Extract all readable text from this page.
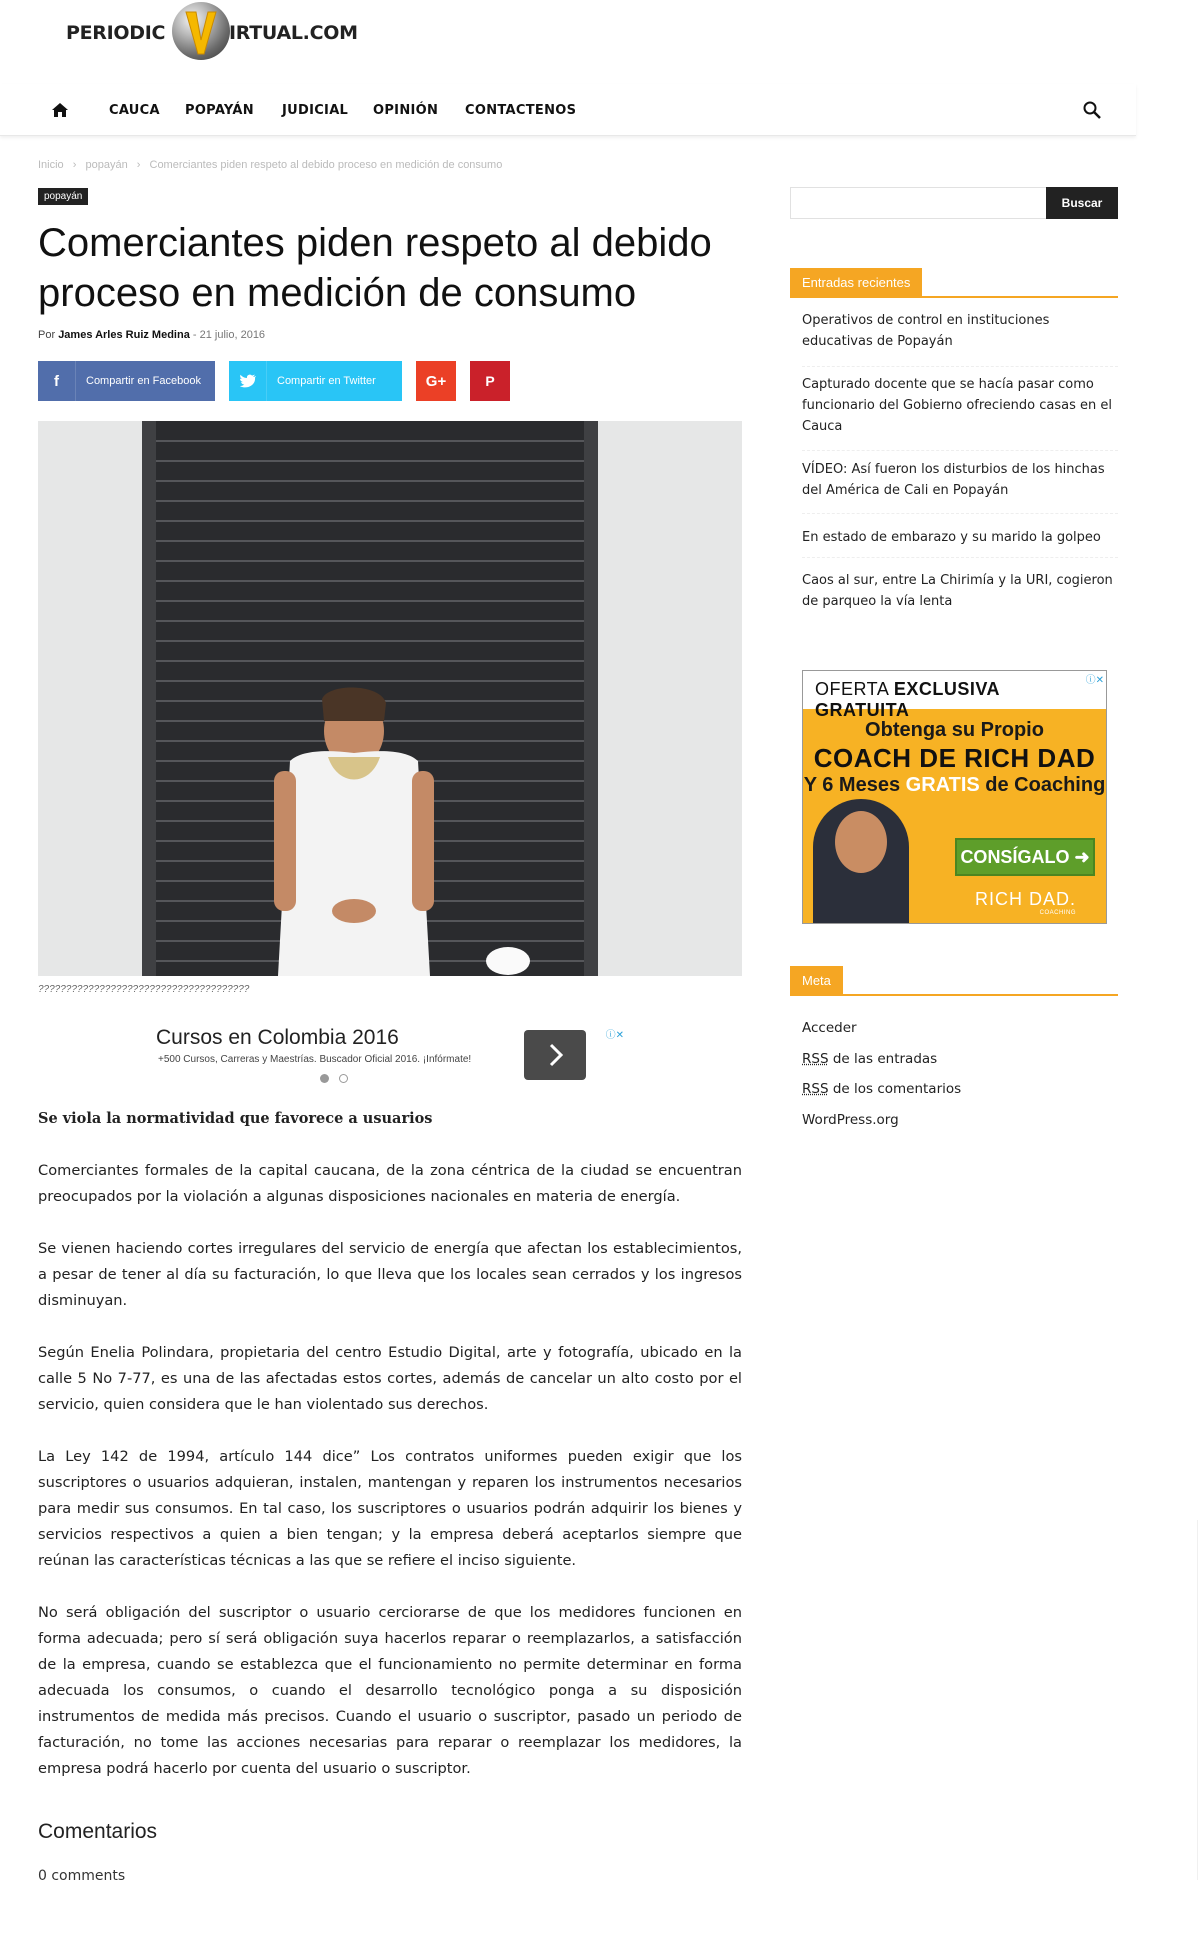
PERIODIC	IRTUAL.COM
CAUCA POPAYÁN JUDICIAL OPINIÓN CONTACTENOS
Inicio › popayán › Comerciantes piden respeto al debido proceso en medición de consumo
popayán
Comerciantes piden respeto al debido proceso en medición de consumo
Por James Arles Ruiz Medina - 21 julio, 2016
f	Compartir en Facebook	Compartir en Twitter	G+	P
??????????????????????????????????????
Cursos en Colombia 2016
+500 Cursos, Carreras y Maestrías. Buscador Oficial 2016. ¡Infórmate!

ⓘ✕

Se viola la normatividad que favorece a usuarios

Comerciantes formales de la capital caucana, de la zona céntrica de la ciudad se encuentran preocupados por la violación a algunas disposiciones nacionales en materia de energía.

Se vienen haciendo cortes irregulares del servicio de energía que afectan los establecimientos, a pesar de tener al día su facturación, lo que lleva que los locales sean cerrados y los ingresos disminuyan.

Según Enelia Polindara, propietaria del centro Estudio Digital, arte y fotografía, ubicado en la calle 5 No 7-77, es una de las afectadas estos cortes, además de cancelar un alto costo por el servicio, quien considera que le han violentado sus derechos.

La Ley 142 de 1994, artículo 144 dice” Los contratos uniformes pueden exigir que los suscriptores o usuarios adquieran, instalen, mantengan y reparen los instrumentos necesarios para medir sus consumos. En tal caso, los suscriptores o usuarios podrán adquirir los bienes y servicios respectivos a quien a bien tengan; y la empresa deberá aceptarlos siempre que reúnan las características técnicas a las que se refiere el inciso siguiente.

No será obligación del suscriptor o usuario cerciorarse de que los medidores funcionen en forma adecuada; pero sí será obligación suya hacerlos reparar o reemplazarlos, a satisfacción de la empresa, cuando se establezca que el funcionamiento no permite determinar en forma adecuada los consumos, o cuando el desarrollo tecnológico ponga a su disposición instrumentos de medida más precisos. Cuando el usuario o suscriptor, pasado un periodo de facturación, no tome las acciones necesarias para reparar o reemplazar los medidores, la empresa podrá hacerlo por cuenta del usuario o suscriptor.

Comentarios
0 comments
Buscar
Entradas recientes
Operativos de control en instituciones educativas de Popayán
Capturado docente que se hacía pasar como funcionario del Gobierno ofreciendo casas en el Cauca
VÍDEO: Así fueron los disturbios de los hinchas del América de Cali en Popayán
En estado de embarazo y su marido la golpeo
Caos al sur, entre La Chirimía y la URI, cogieron de parqueo la vía lenta
OFERTA EXCLUSIVA GRATUITA
ⓘ✕
Obtenga su Propio
COACH DE RICH DAD
Y 6 Meses GRATIS de Coaching
CONSÍGALO
➜
RICH DAD.
COACHING
Meta
Acceder
RSS de las entradas
RSS de los comentarios
WordPress.org
